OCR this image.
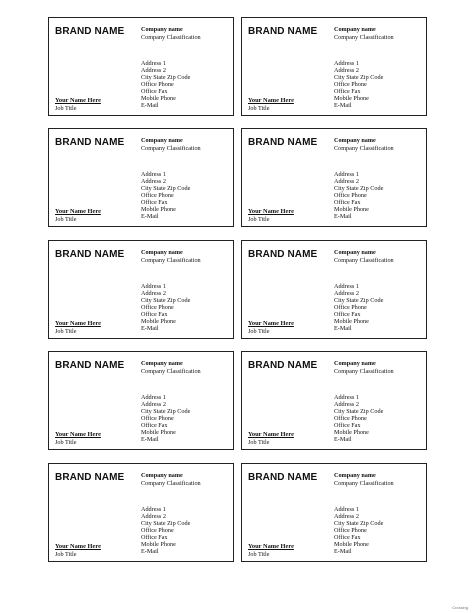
BRAND NAME	Company name
Company Classification
Address 1
Address 2
City State Zip Code
Office Phone
Office Fax
Mobile Phone
E-Mail
Your Name Here
Job Title
BRAND NAME	Company name
Company Classification
Address 1
Address 2
City State Zip Code
Office Phone
Office Fax
Mobile Phone
E-Mail
Your Name Here
Job Title
BRAND NAME	Company name
Company Classification
Address 1
Address 2
City State Zip Code
Office Phone
Office Fax
Mobile Phone
E-Mail
Your Name Here
Job Title
BRAND NAME	Company name
Company Classification
Address 1
Address 2
City State Zip Code
Office Phone
Office Fax
Mobile Phone
E-Mail
Your Name Here
Job Title
BRAND NAME	Company name
Company Classification
Address 1
Address 2
City State Zip Code
Office Phone
Office Fax
Mobile Phone
E-Mail
Your Name Here
Job Title
BRAND NAME	Company name
Company Classification
Address 1
Address 2
City State Zip Code
Office Phone
Office Fax
Mobile Phone
E-Mail
Your Name Here
Job Title
BRAND NAME	Company name
Company Classification
Address 1
Address 2
City State Zip Code
Office Phone
Office Fax
Mobile Phone
E-Mail
Your Name Here
Job Title
BRAND NAME	Company name
Company Classification
Address 1
Address 2
City State Zip Code
Office Phone
Office Fax
Mobile Phone
E-Mail
Your Name Here
Job Title
BRAND NAME	Company name
Company Classification
Address 1
Address 2
City State Zip Code
Office Phone
Office Fax
Mobile Phone
E-Mail
Your Name Here
Job Title
BRAND NAME	Company name
Company Classification
Address 1
Address 2
City State Zip Code
Office Phone
Office Fax
Mobile Phone
E-Mail
Your Name Here
Job Title
Crossing
